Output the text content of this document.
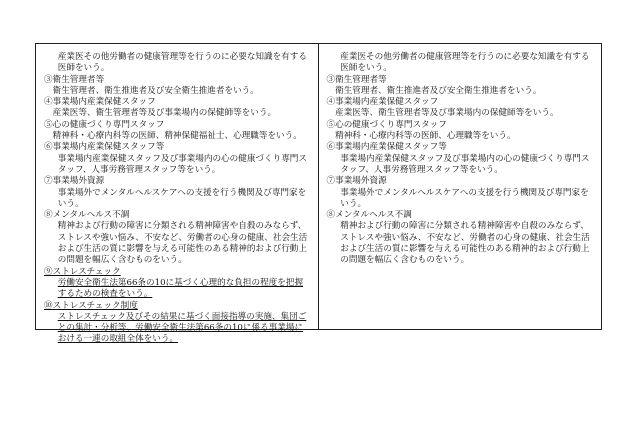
産業医その他労働者の健康管理等を行うのに必要な知識を有する医師をいう。

③衛生管理者等

衛生管理者、衛生推進者及び安全衛生推進者をいう。

④事業場内産業保健スタッフ

産業医等、衛生管理者等及び事業場内の保健師等をいう。

⑤心の健康づくり専門スタッフ

精神科・心療内科等の医師、精神保健福祉士、心理職等をいう。

⑥事業場内産業保健スタッフ等

事業場内産業保健スタッフ及び事業場内の心の健康づくり専門スタッフ、人事労務管理スタッフ等をいう。

⑦事業場外資源

事業場外でメンタルヘルスケアへの支援を行う機関及び専門家をいう。

⑧メンタルヘルス不調

精神および行動の障害に分類される精神障害や自殺のみならず、ストレスや強い悩み、不安など、労働者の心身の健康、社会生活および生活の質に影響を与える可能性のある精神的および行動上の問題を幅広く含むものをいう。

⑨ストレスチェック

労働安全衛生法第66条の10に基づく心理的な負担の程度を把握するための検査をいう。

⑩ストレスチェック制度

ストレスチェック及びその結果に基づく面接指導の実施、集団ごとの集計・分析等、労働安全衛生法第66条の10に係る事業場における一連の取組全体をいう。

産業医その他労働者の健康管理等を行うのに必要な知識を有する医師をいう。

③衛生管理者等

衛生管理者、衛生推進者及び安全衛生推進者をいう。

④事業場内産業保健スタッフ

産業医等、衛生管理者等及び事業場内の保健師等をいう。

⑤心の健康づくり専門スタッフ

精神科・心療内科等の医師、心理職等をいう。

⑥事業場内産業保健スタッフ等

事業場内産業保健スタッフ及び事業場内の心の健康づくり専門スタッフ、人事労務管理スタッフ等をいう。

⑦事業場外資源

事業場外でメンタルヘルスケアへの支援を行う機関及び専門家をいう。

⑧メンタルヘルス不調

精神および行動の障害に分類される精神障害や自殺のみならず、ストレスや強い悩み、不安など、労働者の心身の健康、社会生活および生活の質に影響を与える可能性のある精神的および行動上の問題を幅広く含むものをいう。
